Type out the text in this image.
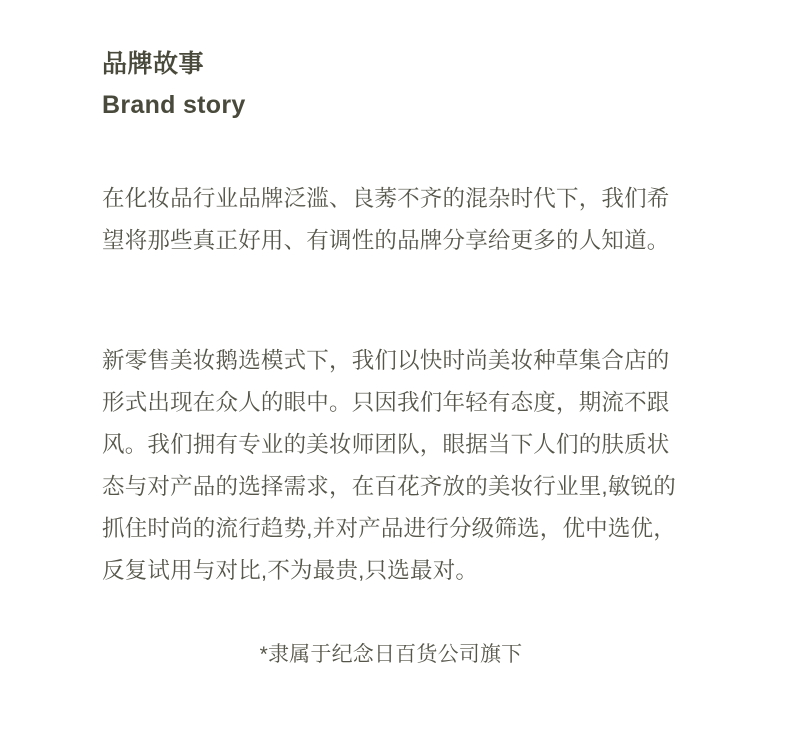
品牌故事
Brand story

在化妆品行业品牌泛滥、良莠不齐的混杂时代下，我们希望将那些真正好用、有调性的品牌分享给更多的人知道。

新零售美妆鹅选模式下，我们以快时尚美妆种草集合店的形式出现在众人的眼中。只因我们年轻有态度，期流不跟风。我们拥有专业的美妆师团队，眼据当下人们的肤质状态与对产品的选择需求，在百花齐放的美妆行业里,敏锐的抓住时尚的流行趋势,并对产品进行分级筛选，优中选优，反复试用与对比,不为最贵,只选最对。

*隶属于纪念日百货公司旗下
